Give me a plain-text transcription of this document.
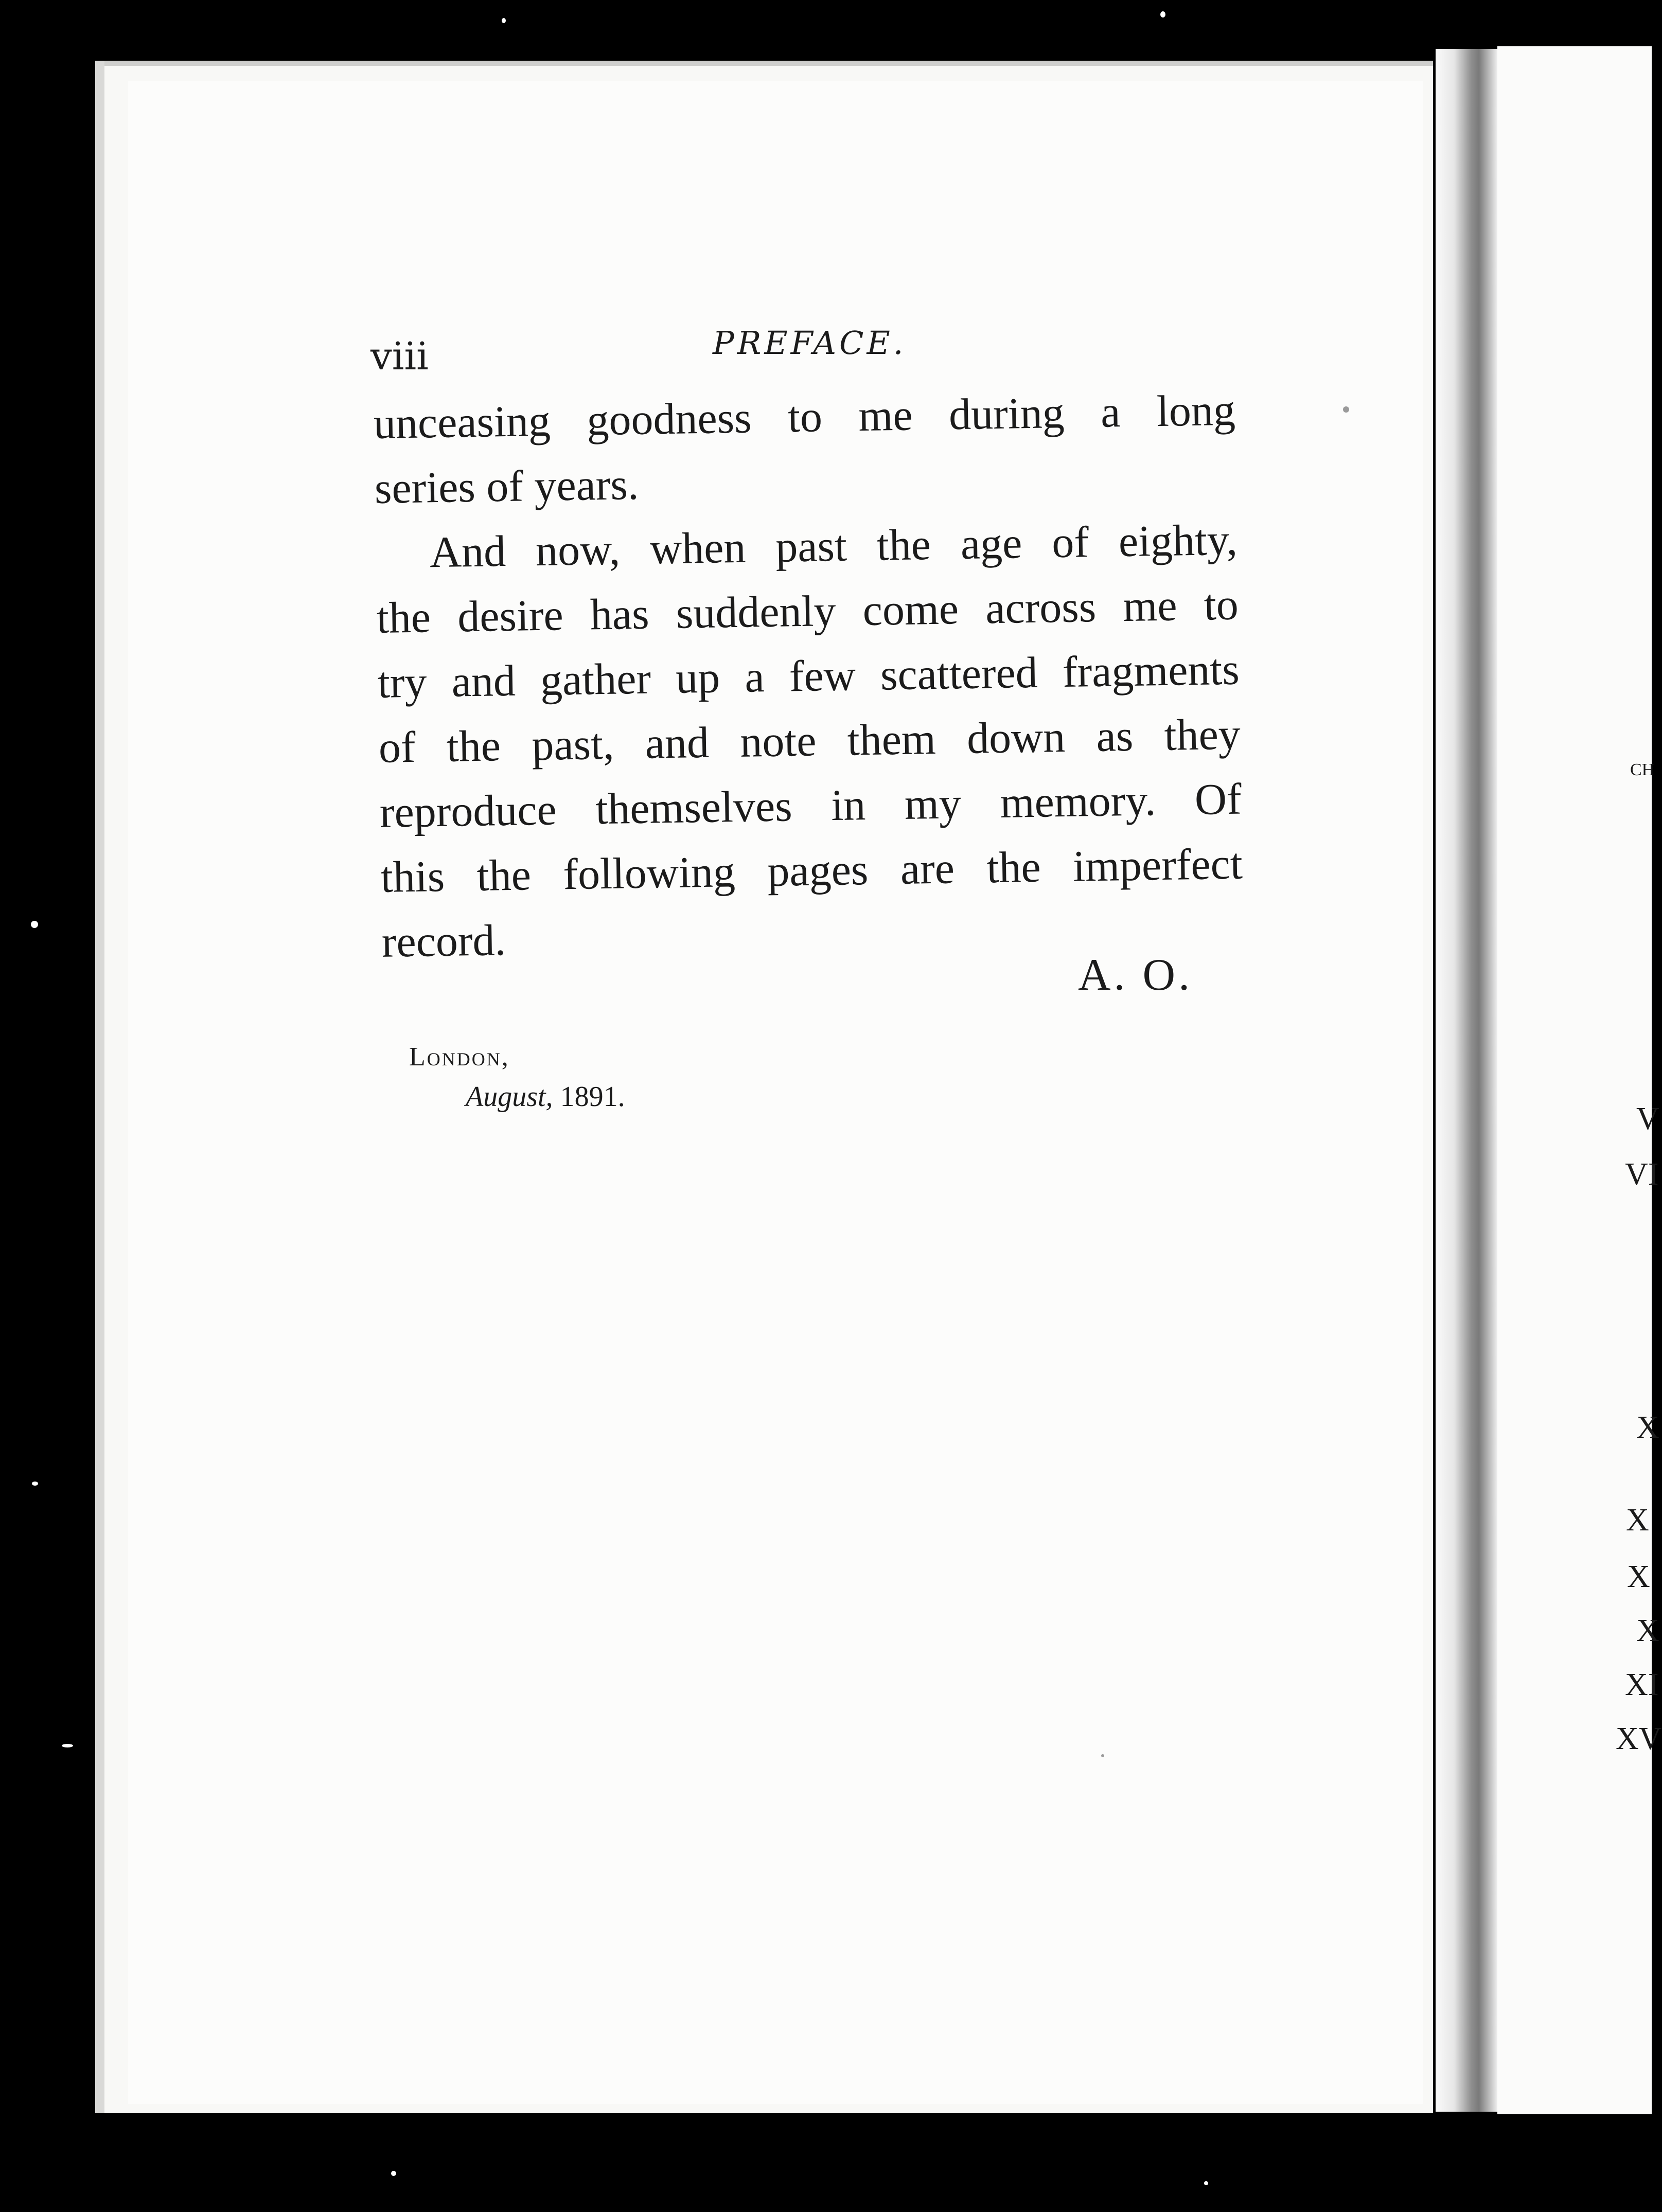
viii	PREFACE.
unceasing goodness to me during a long
series of years.
And now, when past the age of eighty,
the desire has suddenly come across me to
try and gather up a few scattered fragments
of the past, and note them down as they
reproduce themselves in my memory. Of
this the following pages are the imperfect
record.
A. O.
London,
August, 1891.
CH
V
VI
X
X
X
X
XI
XV
